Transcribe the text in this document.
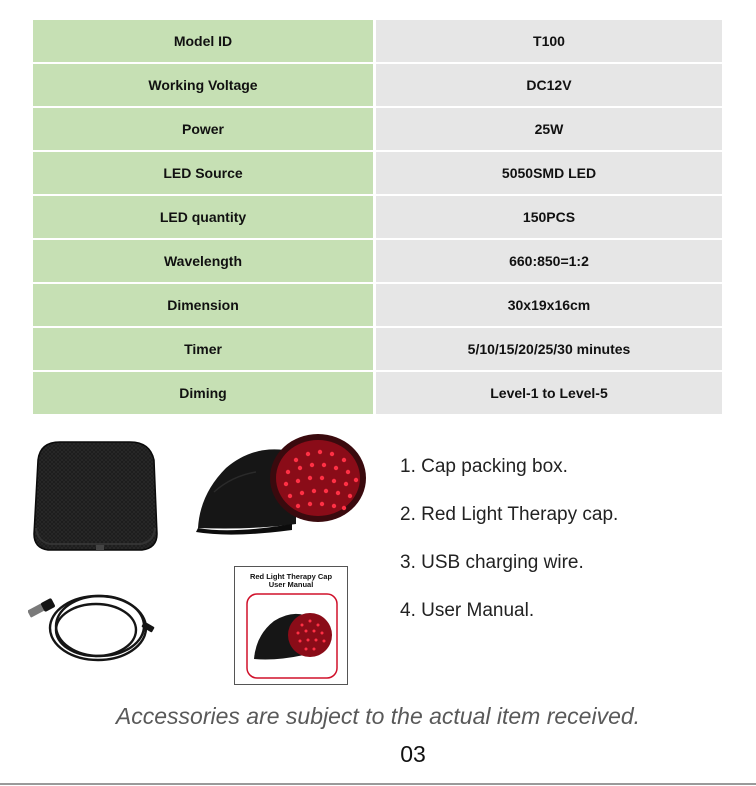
Model ID	T100
Working Voltage	DC12V
Power	25W
LED Source	5050SMD LED
LED quantity	150PCS
Wavelength	660:850=1:2
Dimension	30x19x16cm
Timer	5/10/15/20/25/30 minutes
Diming	Level-1 to Level-5
Red Light Therapy Cap
User Manual
1. Cap packing box.
2. Red Light Therapy cap.
3. USB charging wire.
4. User Manual.
Accessories are subject to the actual item received.
03
